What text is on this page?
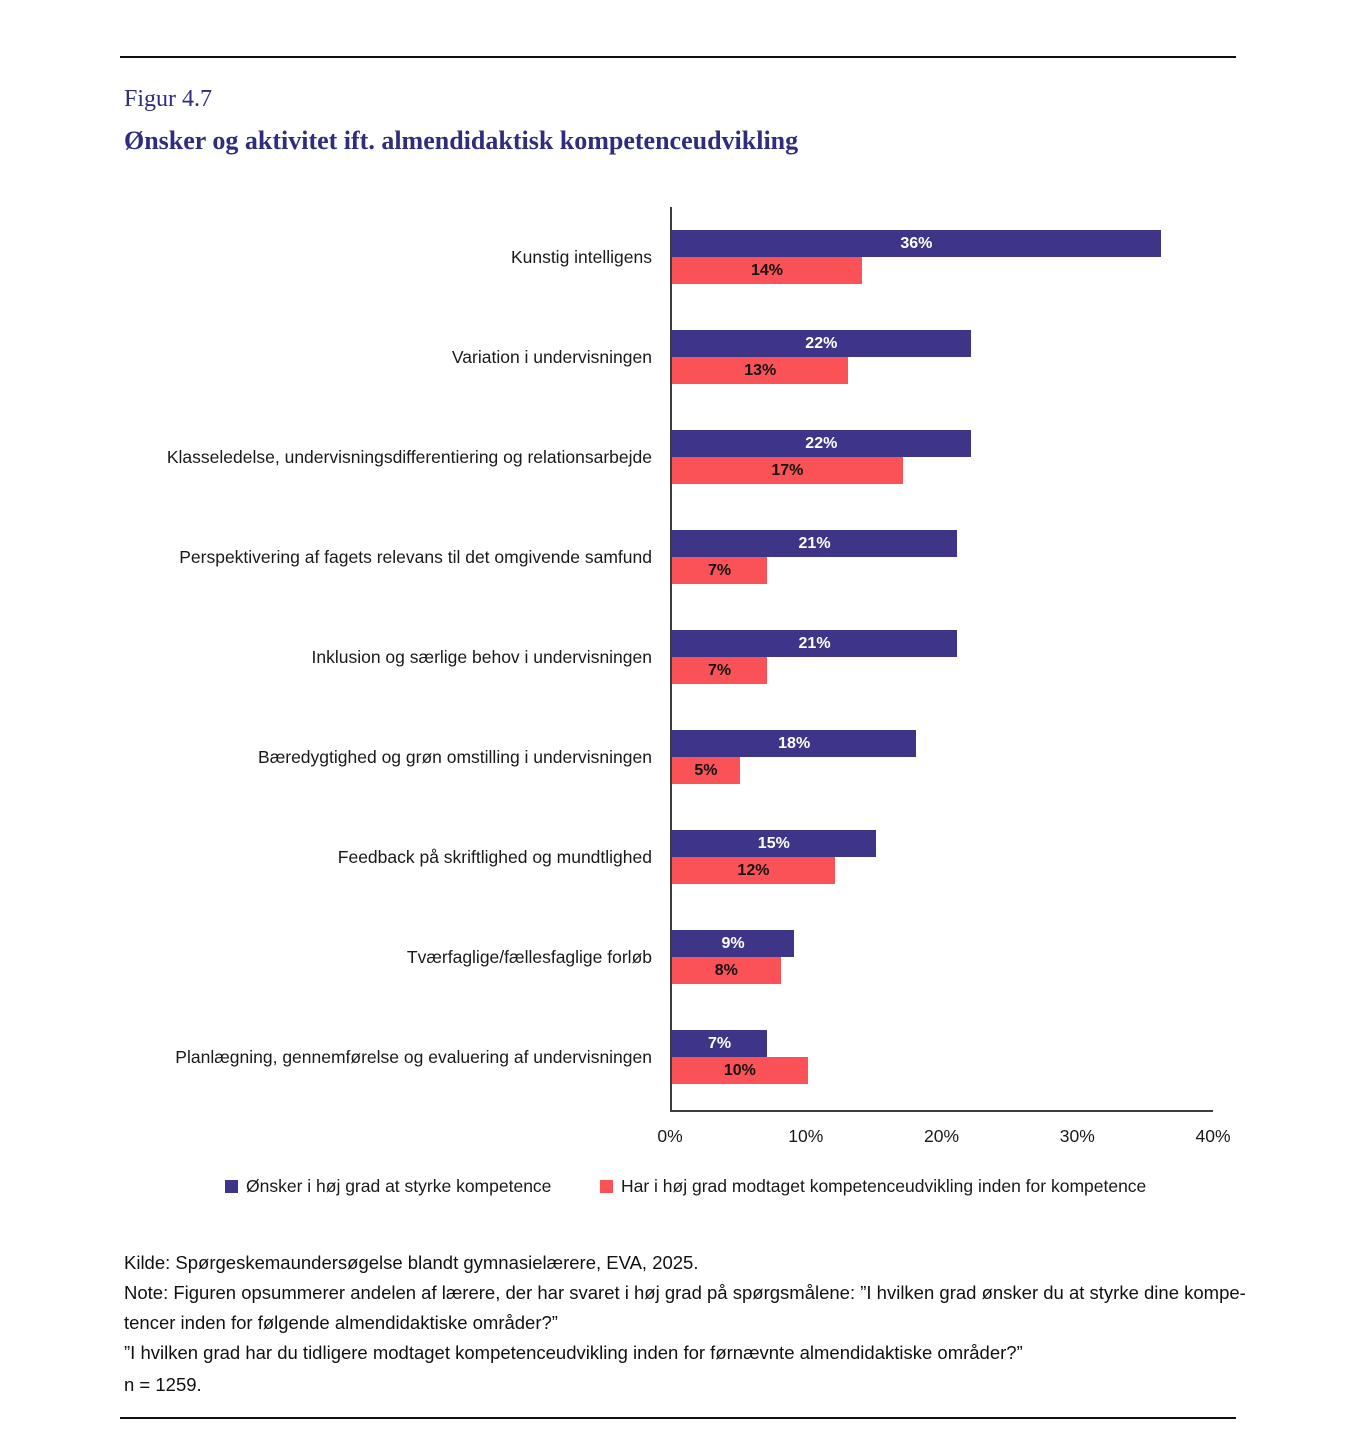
Figur 4.7
Ønsker og aktivitet ift. almendidaktisk kompetenceudvikling
Kunstig intelligens
Variation i undervisningen
Klasseledelse, undervisningsdifferentiering og relationsarbejde
Perspektivering af fagets relevans til det omgivende samfund
Inklusion og særlige behov i undervisningen
Bæredygtighed og grøn omstilling i undervisningen
Feedback på skriftlighed og mundtlighed
Tværfaglige/fællesfaglige forløb
Planlægning, gennemførelse og evaluering af undervisningen
36%
14%
22%
13%
22%
17%
21%
7%
21%
7%
18%
5%
15%
12%
9%
8%
7%
10%
0%	10%	20%	30%	40%
Ønsker i høj grad at styrke kompetence	Har i høj grad modtaget kompetenceudvikling inden for kompetence
Kilde: Spørgeskemaundersøgelse blandt gymnasielærere, EVA, 2025.
Note: Figuren opsummerer andelen af lærere, der har svaret i høj grad på spørgsmålene: ”I hvilken grad ønsker du at styrke dine kompe-
tencer inden for følgende almendidaktiske områder?”
”I hvilken grad har du tidligere modtaget kompetenceudvikling inden for førnævnte almendidaktiske områder?”
n = 1259.
